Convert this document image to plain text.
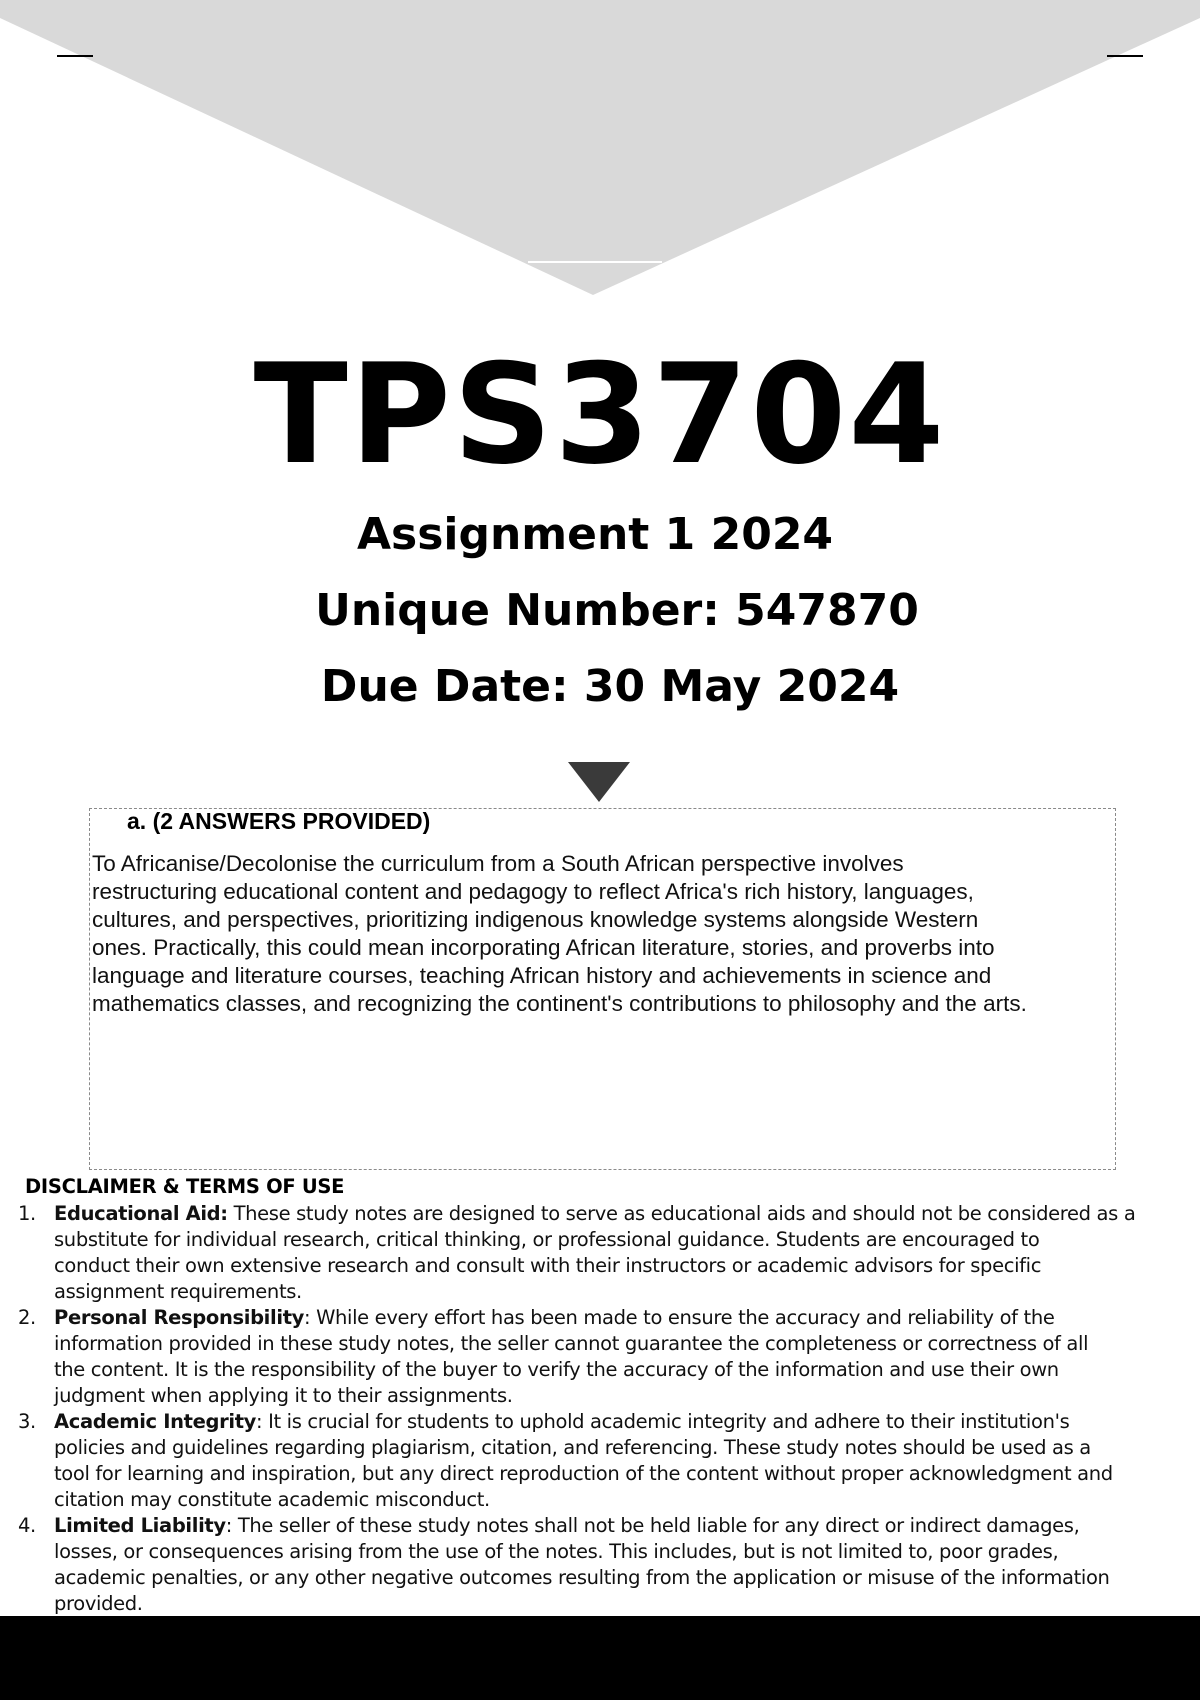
TPS3704
Assignment 1 2024
Unique Number: 547870
Due Date: 30 May 2024
a. (2 ANSWERS PROVIDED)
To Africanise/Decolonise the curriculum from a South African perspective involves
restructuring educational content and pedagogy to reflect Africa's rich history, languages,
cultures, and perspectives, prioritizing indigenous knowledge systems alongside Western
ones. Practically, this could mean incorporating African literature, stories, and proverbs into
language and literature courses, teaching African history and achievements in science and
mathematics classes, and recognizing the continent's contributions to philosophy and the arts.
DISCLAIMER & TERMS OF USE
1. Educational Aid: These study notes are designed to serve as educational aids and should not be considered as a
substitute for individual research, critical thinking, or professional guidance. Students are encouraged to
conduct their own extensive research and consult with their instructors or academic advisors for specific
assignment requirements.
2. Personal Responsibility: While every effort has been made to ensure the accuracy and reliability of the
information provided in these study notes, the seller cannot guarantee the completeness or correctness of all
the content. It is the responsibility of the buyer to verify the accuracy of the information and use their own
judgment when applying it to their assignments.
3. Academic Integrity: It is crucial for students to uphold academic integrity and adhere to their institution's
policies and guidelines regarding plagiarism, citation, and referencing. These study notes should be used as a
tool for learning and inspiration, but any direct reproduction of the content without proper acknowledgment and
citation may constitute academic misconduct.
4. Limited Liability: The seller of these study notes shall not be held liable for any direct or indirect damages,
losses, or consequences arising from the use of the notes. This includes, but is not limited to, poor grades,
academic penalties, or any other negative outcomes resulting from the application or misuse of the information
provided.
